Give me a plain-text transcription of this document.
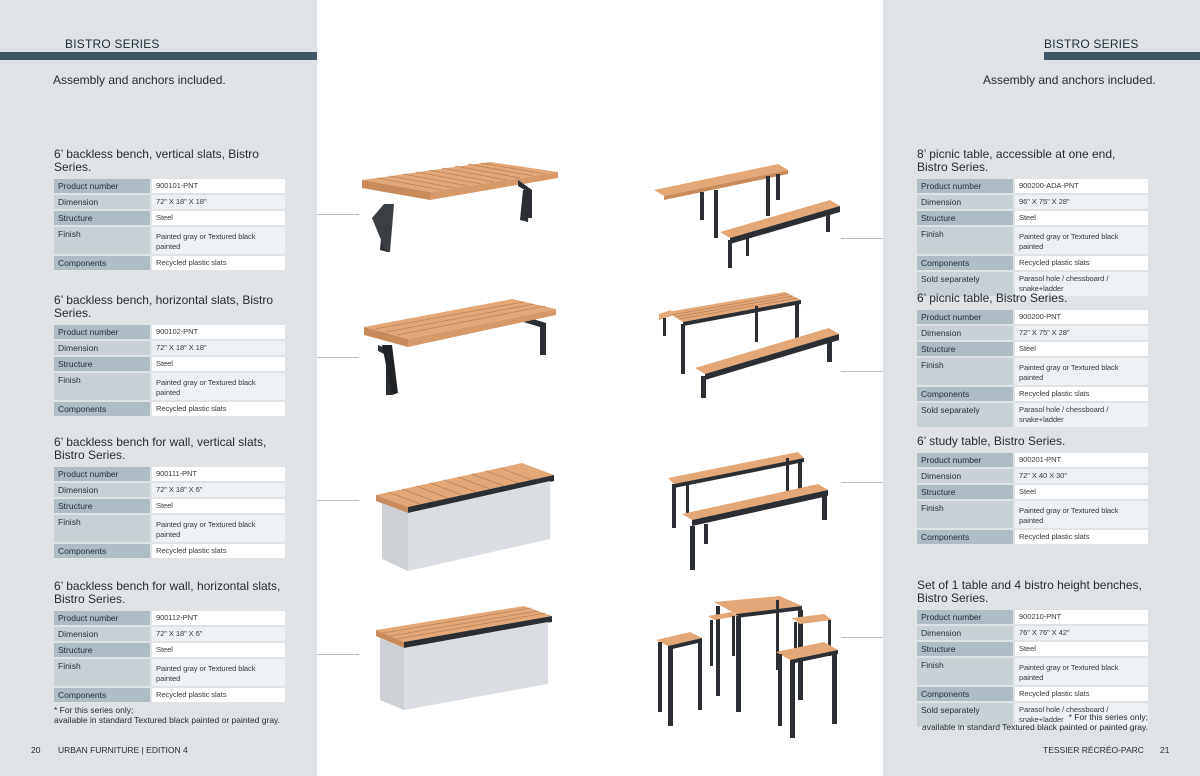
BISTRO SERIES
Assembly and anchors included.
BISTRO SERIES
Assembly and anchors included.
6’ backless bench, vertical slats, Bistro Series.
Product number	900101-PNT
Dimension	72" X 18" X 18"
Structure	Steel
Finish	Painted gray or Textured black painted
Components	Recycled plastic slats
6’ backless bench, horizontal slats, Bistro Series.
Product number	900102-PNT
Dimension	72" X 18" X 18"
Structure	Steel
Finish	Painted gray or Textured black painted
Components	Recycled plastic slats
6’ backless bench for wall, vertical slats, Bistro Series.
Product number	900111-PNT
Dimension	72" X 18" X 6"
Structure	Steel
Finish	Painted gray or Textured black painted
Components	Recycled plastic slats
6’ backless bench for wall, horizontal slats, Bistro Series.
Product number	900112-PNT
Dimension	72" X 18" X 6"
Structure	Steel
Finish	Painted gray or Textured black painted
Components	Recycled plastic slats
* For this series only;
available in standard Textured black painted or painted gray.
20 URBAN FURNITURE | EDITION 4
8’ picnic table, accessible at one end, Bistro Series.
Product number	900200-ADA-PNT
Dimension	96" X 75" X 28"
Structure	Steel
Finish	Painted gray or Textured black painted
Components	Recycled plastic slats
Sold separately	Parasol hole / chessboard / snake+ladder
6’ picnic table, Bistro Series.
Product number	900200-PNT
Dimension	72" X 75" X 28"
Structure	Steel
Finish	Painted gray or Textured black painted
Components	Recycled plastic slats
Sold separately	Parasol hole / chessboard / snake+ladder
6’ study table, Bistro Series.
Product number	900201-PNT
Dimension	72" X 40 X 30"
Structure	Steel
Finish	Painted gray or Textured black painted
Components	Recycled plastic slats
Set of 1 table and 4 bistro height benches, Bistro Series.
Product number	900210-PNT
Dimension	76" X 76" X 42"
Structure	Steel
Finish	Painted gray or Textured black painted
Components	Recycled plastic slats
Sold separately	Parasol hole / chessboard / snake+ladder * For this series only;
available in standard Textured black painted or painted gray.
TESSIER RÉCRÉO-PARC 21
